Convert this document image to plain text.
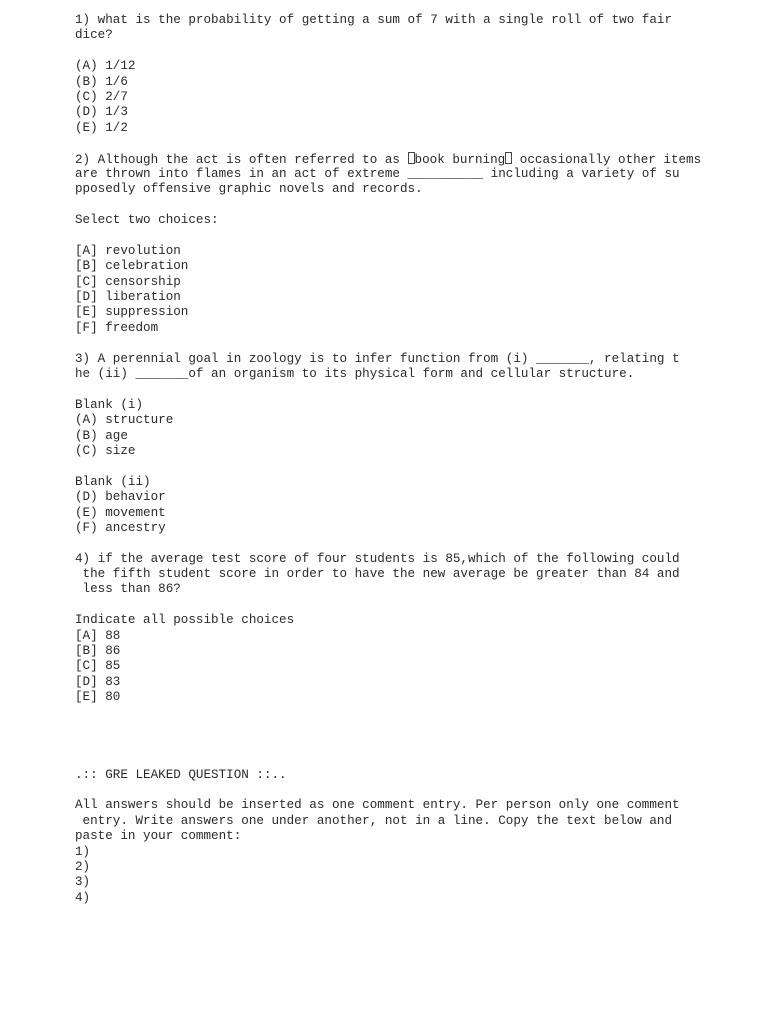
1) what is the probability of getting a sum of 7 with a single roll of two fair
dice?
(A) 1/12
(B) 1/6
(C) 2/7
(D) 1/3
(E) 1/2
2) Although the act is often referred to as book burning occasionally other items
are thrown into flames in an act of extreme __________ including a variety of su
pposedly offensive graphic novels and records.
Select two choices:
[A] revolution
[B] celebration
[C] censorship
[D] liberation
[E] suppression
[F] freedom
3) A perennial goal in zoology is to infer function from (i) _______, relating t
he (ii) _______of an organism to its physical form and cellular structure.
Blank (i)
(A) structure
(B) age
(C) size
Blank (ii)
(D) behavior
(E) movement
(F) ancestry
4) if the average test score of four students is 85,which of the following could
the fifth student score in order to have the new average be greater than 84 and
less than 86?
Indicate all possible choices
[A] 88
[B] 86
[C] 85
[D] 83
[E] 80
.:: GRE LEAKED QUESTION ::..
All answers should be inserted as one comment entry. Per person only one comment
entry. Write answers one under another, not in a line. Copy the text below and
paste in your comment:
1)
2)
3)
4)
